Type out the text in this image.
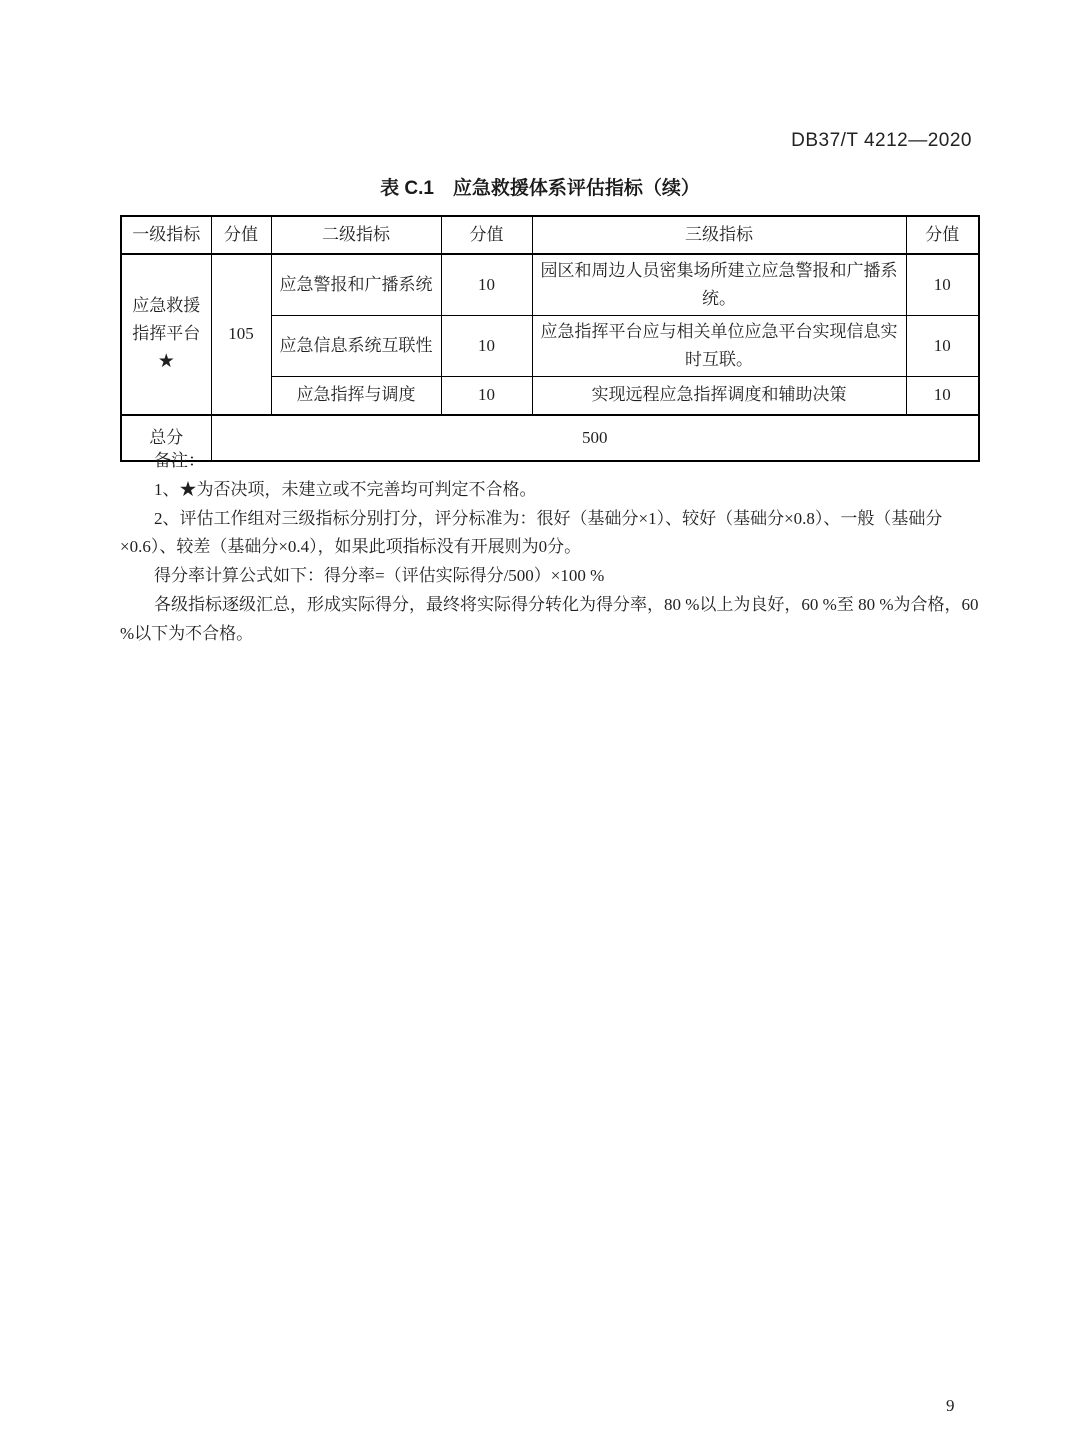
DB37/T 4212—2020
表 C.1　应急救援体系评估指标（续）
一级指标	分值	二级指标	分值	三级指标	分值

应急救援
指挥平台
★	105	应急警报和广播系统	10	园区和周边人员密集场所建立应急警报和广播系统。	10
		应急信息系统互联性	10	应急指挥平台应与相关单位应急平台实现信息实时互联。	10
		应急指挥与调度	10	实现远程应急指挥调度和辅助决策	10
总分	500				

备注：

1、★为否决项，未建立或不完善均可判定不合格。

2、评估工作组对三级指标分别打分，评分标准为：很好（基础分×1）、较好（基础分×0.8）、一般（基础分×0.6）、较差（基础分×0.4），如果此项指标没有开展则为0分。

得分率计算公式如下：得分率=（评估实际得分/500）×100 %

各级指标逐级汇总，形成实际得分，最终将实际得分转化为得分率，80 %以上为良好，60 %至 80 %为合格，60 %以下为不合格。

9
